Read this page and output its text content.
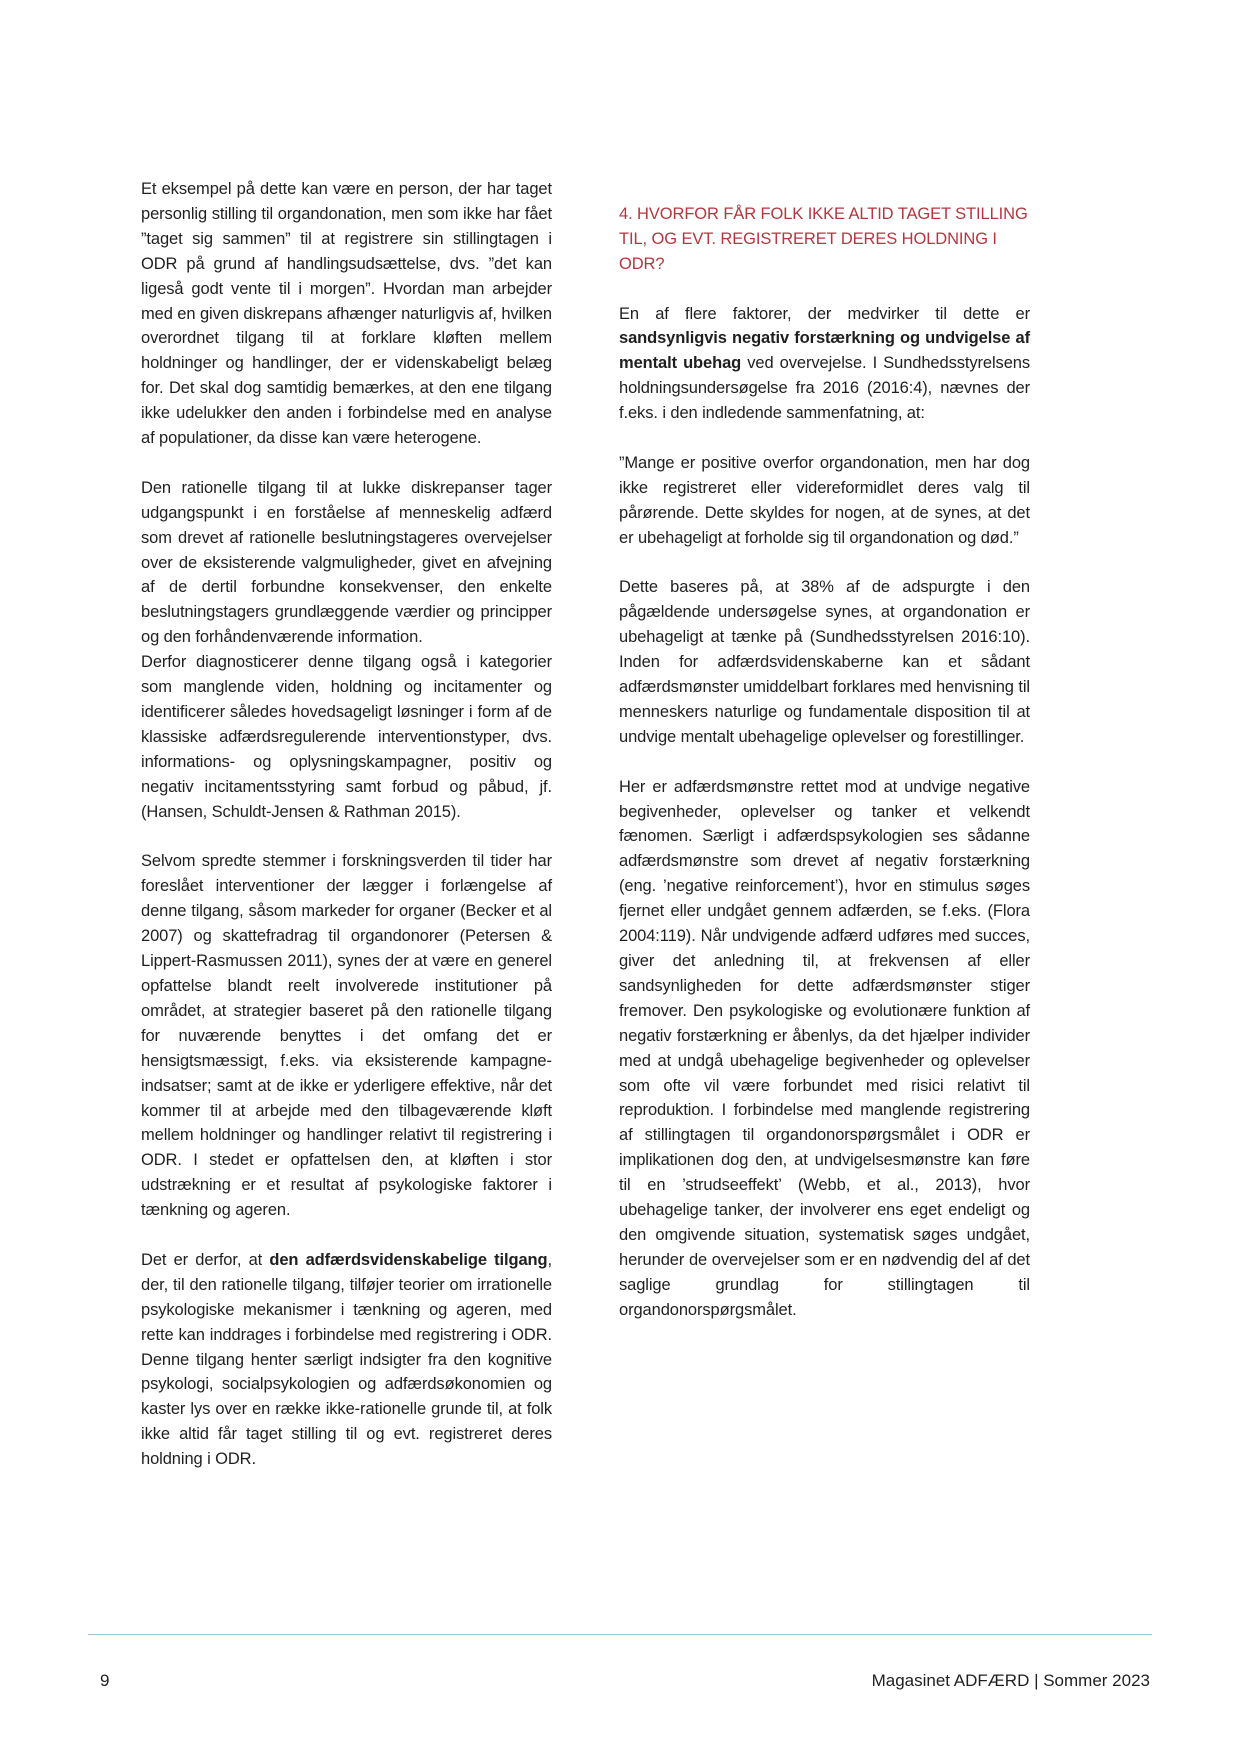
Et eksempel på dette kan være en person, der har taget personlig stilling til organdonation, men som ikke har fået ”taget sig sammen” til at registrere sin stillingtagen i ODR på grund af handlingsudsættelse, dvs. ”det kan ligeså godt vente til i morgen”. Hvordan man arbejder med en given diskrepans afhænger naturligvis af, hvilken overordnet tilgang til at forklare kløften mellem holdninger og handlinger, der er videnskabeligt belæg for. Det skal dog samtidig bemærkes, at den ene tilgang ikke udelukker den anden i forbindelse med en analyse af populationer, da disse kan være heterogene.

Den rationelle tilgang til at lukke diskrepanser tager udgangspunkt i en forståelse af menneskelig adfærd som drevet af rationelle beslutningstageres overvejelser over de eksisterende valgmuligheder, givet en afvejning af de dertil forbundne konsekvenser, den enkelte beslutningstagers grundlæggende værdier og principper og den forhåndenværende information.

Derfor diagnosticerer denne tilgang også i kategorier som manglende viden, holdning og incitamenter og identificerer således hovedsageligt løsninger i form af de klassiske adfærdsregulerende interventionstyper, dvs. informations- og oplysningskampagner, positiv og negativ incitamentsstyring samt forbud og påbud, jf. (Hansen, Schuldt-Jensen & Rathman 2015).

Selvom spredte stemmer i forskningsverden til tider har foreslået interventioner der lægger i forlængelse af denne tilgang, såsom markeder for organer (Becker et al 2007) og skattefradrag til organdonorer (Petersen & Lippert-Rasmussen 2011), synes der at være en generel opfattelse blandt reelt involverede institutioner på området, at strategier baseret på den rationelle tilgang for nuværende benyttes i det omfang det er hensigtsmæssigt, f.eks. via eksisterende kampagneindsatser; samt at de ikke er yderligere effektive, når det kommer til at arbejde med den tilbageværende kløft mellem holdninger og handlinger relativt til registrering i ODR. I stedet er opfattelsen den, at kløften i stor udstrækning er et resultat af psykologiske faktorer i tænkning og ageren.

Det er derfor, at den adfærdsvidenskabelige tilgang, der, til den rationelle tilgang, tilføjer teorier om irrationelle psykologiske mekanismer i tænkning og ageren, med rette kan inddrages i forbindelse med registrering i ODR. Denne tilgang henter særligt indsigter fra den kognitive psykologi, socialpsykologien og adfærdsøkonomien og kaster lys over en række ikke-rationelle grunde til, at folk ikke altid får taget stilling til og evt. registreret deres holdning i ODR.

4. HVORFOR FÅR FOLK IKKE ALTID TAGET STILLING TIL, OG EVT. REGISTRERET DERES HOLDNING I ODR?

En af flere faktorer, der medvirker til dette er sandsynligvis negativ forstærkning og undvigelse af mentalt ubehag ved overvejelse. I Sundhedsstyrelsens holdningsundersøgelse fra 2016 (2016:4), nævnes der f.eks. i den indledende sammenfatning, at:

”Mange er positive overfor organdonation, men har dog ikke registreret eller videreformidlet deres valg til pårørende. Dette skyldes for nogen, at de synes, at det er ubehageligt at forholde sig til organdonation og død.”

Dette baseres på, at 38% af de adspurgte i den pågældende undersøgelse synes, at organdonation er ubehageligt at tænke på (Sundhedsstyrelsen 2016:10). Inden for adfærdsvidenskaberne kan et sådant adfærdsmønster umiddelbart forklares med henvisning til menneskers naturlige og fundamentale disposition til at undvige mentalt ubehagelige oplevelser og forestillinger.

Her er adfærdsmønstre rettet mod at undvige negative begivenheder, oplevelser og tanker et velkendt fænomen. Særligt i adfærdspsykologien ses sådanne adfærdsmønstre som drevet af negativ forstærkning (eng. ’negative reinforcement’), hvor en stimulus søges fjernet eller undgået gennem adfærden, se f.eks. (Flora 2004:119). Når undvigende adfærd udføres med succes, giver det anledning til, at frekvensen af eller sandsynligheden for dette adfærdsmønster stiger fremover. Den psykologiske og evolutionære funktion af negativ forstærkning er åbenlys, da det hjælper individer med at undgå ubehagelige begivenheder og oplevelser som ofte vil være forbundet med risici relativt til reproduktion. I forbindelse med manglende registrering af stillingtagen til organdonorspørgsmålet i ODR er implikationen dog den, at undvigelsesmønstre kan føre til en ’strudseeffekt’ (Webb, et al., 2013), hvor ubehagelige tanker, der involverer ens eget endeligt og den omgivende situation, systematisk søges undgået, herunder de overvejelser som er en nødvendig del af det saglige grundlag for stillingtagen til organdonorspørgsmålet.

9	Magasinet ADFÆRD | Sommer 2023
